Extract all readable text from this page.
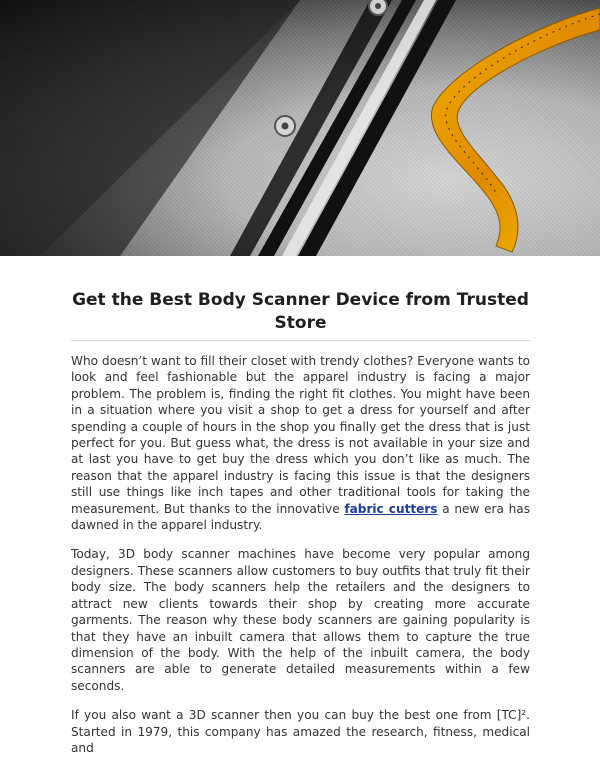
Get the Best Body Scanner Device from Trusted Store

Who doesn’t want to fill their closet with trendy clothes? Everyone wants to look and feel fashionable but the apparel industry is facing a major problem. The problem is, finding the right fit clothes. You might have been in a situation where you visit a shop to get a dress for yourself and after spending a couple of hours in the shop you finally get the dress that is just perfect for you. But guess what, the dress is not available in your size and at last you have to get buy the dress which you don’t like as much. The reason that the apparel industry is facing this issue is that the designers still use things like inch tapes and other traditional tools for taking the measurement. But thanks to the innovative fabric cutters a new era has dawned in the apparel industry.

Today, 3D body scanner machines have become very popular among designers. These scanners allow customers to buy outfits that truly fit their body size. The body scanners help the retailers and the designers to attract new clients towards their shop by creating more accurate garments. The reason why these body scanners are gaining popularity is that they have an inbuilt camera that allows them to capture the true dimension of the body. With the help of the inbuilt camera, the body scanners are able to generate detailed measurements within a few seconds.

If you also want a 3D scanner then you can buy the best one from [TC]². Started in 1979, this company has amazed the research, fitness, medical and
